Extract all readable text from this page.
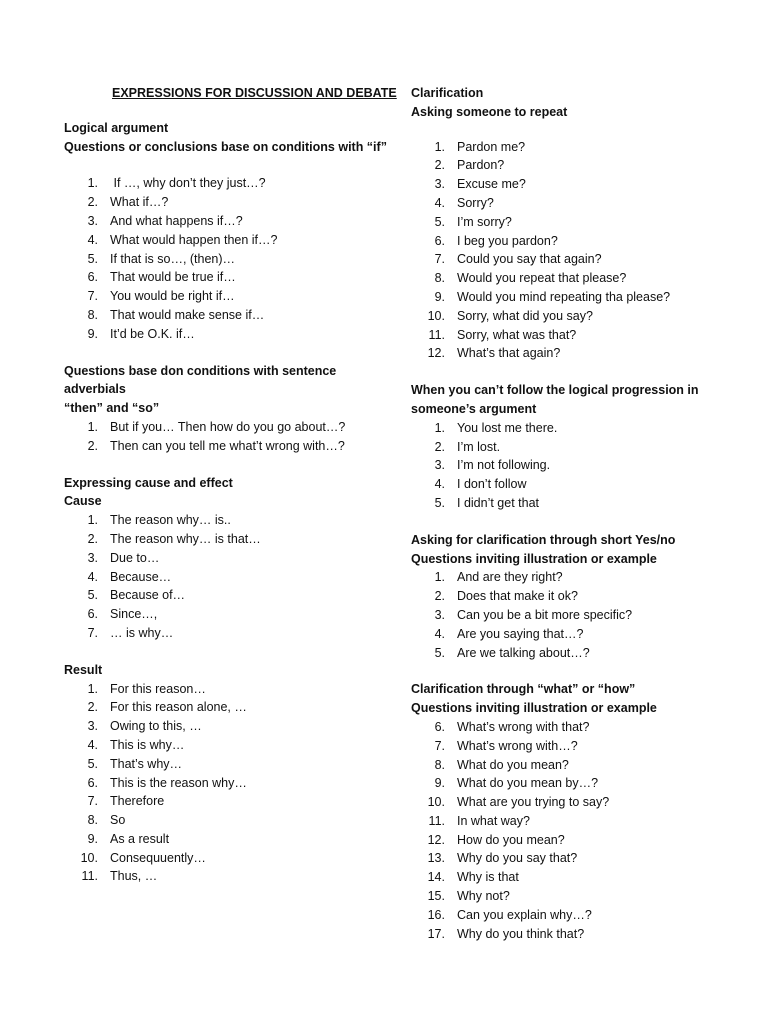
EXPRESSIONS FOR DISCUSSION AND DEBATE
Logical argument
Questions or conclusions base on conditions with “if”
1. If …, why don’t they just…?
2. What if…?
3. And what happens if…?
4. What would happen then if…?
5. If that is so…, (then)…
6. That would be true if…
7. You would be right if…
8. That would make sense if…
9. It’d be O.K. if…
Questions base don conditions with sentence adverbials
“then” and “so”
1. But if you… Then how do you go about…?
2. Then can you tell me what’t wrong with…?
Expressing cause and effect
Cause
1. The reason why… is..
2. The reason why… is that…
3. Due to…
4. Because…
5. Because of…
6. Since…,
7. … is why…
Result
1. For this reason…
2. For this reason alone, …
3. Owing to this, …
4. This is why…
5. That’s why…
6. This is the reason why…
7. Therefore
8. So
9. As a result
10. Consequuently…
11. Thus, …
Clarification
Asking someone to repeat
1. Pardon me?
2. Pardon?
3. Excuse me?
4. Sorry?
5. I’m sorry?
6. I beg you pardon?
7. Could you say that again?
8. Would you repeat that please?
9. Would you mind repeating tha please?
10. Sorry, what did you say?
11. Sorry, what was that?
12. What’s that again?
When you can’t follow the logical progression in
someone’s argument
1. You lost me there.
2. I’m lost.
3. I’m not following.
4. I don’t follow
5. I didn’t get that
Asking for clarification through short Yes/no
Questions inviting illustration or example
1. And are they right?
2. Does that make it ok?
3. Can you be a bit more specific?
4. Are you saying that…?
5. Are we talking about…?
Clarification through “what” or “how”
Questions inviting illustration or example
6. What’s wrong with that?
7. What’s wrong with…?
8. What do you mean?
9. What do you mean by…?
10. What are you trying to say?
11. In what way?
12. How do you mean?
13. Why do you say that?
14. Why is that
15. Why not?
16. Can you explain why…?
17. Why do you think that?
